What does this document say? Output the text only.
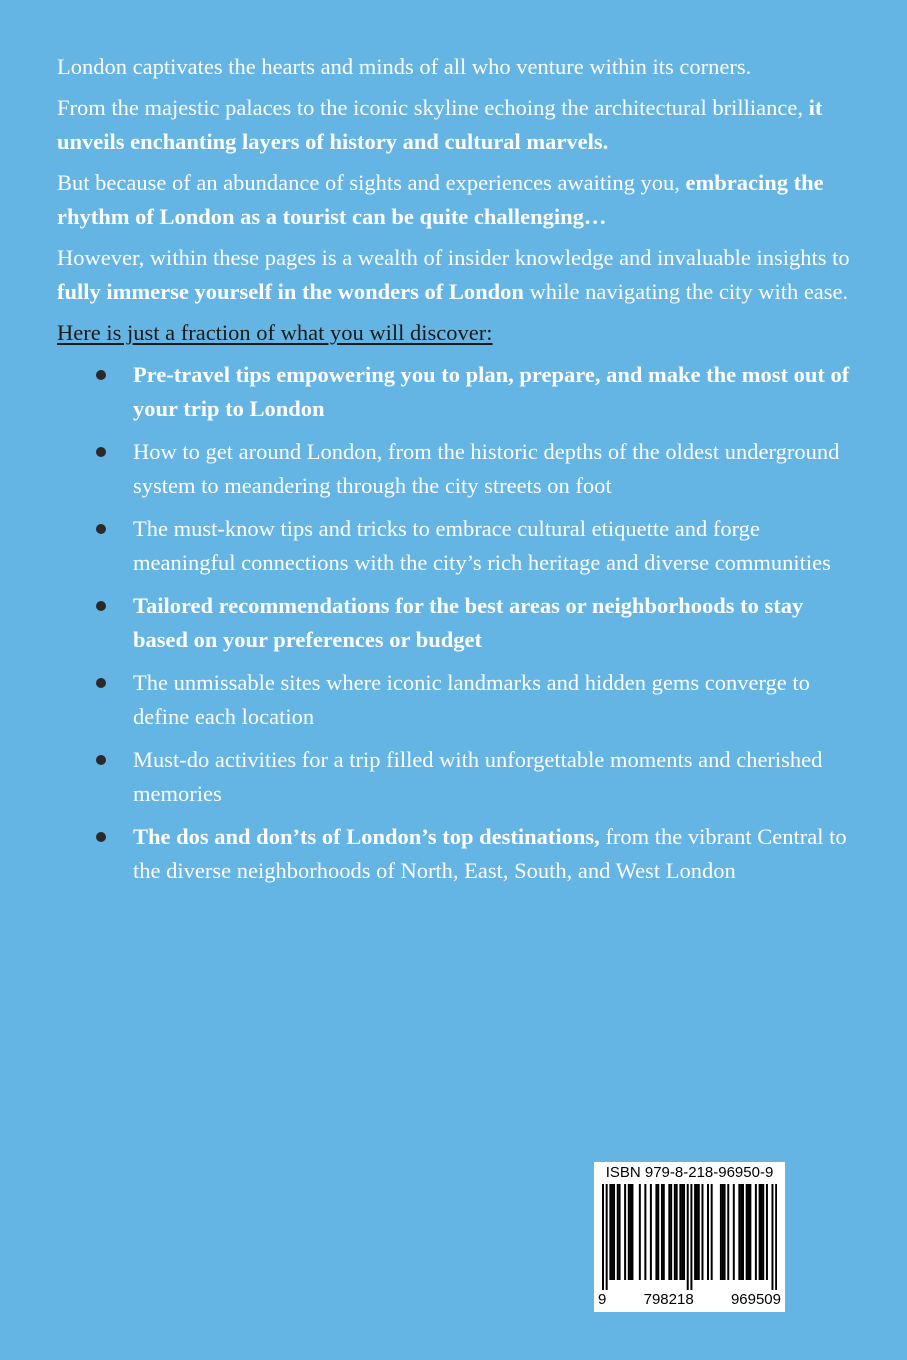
London captivates the hearts and minds of all who venture within its corners.

From the majestic palaces to the iconic skyline echoing the architectural brilliance, it unveils enchanting layers of history and cultural marvels.

But because of an abundance of sights and experiences awaiting you, embracing the rhythm of London as a tourist can be quite challenging…

However, within these pages is a wealth of insider knowledge and invaluable insights to fully immerse yourself in the wonders of London while navigating the city with ease.

Here is just a fraction of what you will discover:
Pre-travel tips empowering you to plan, prepare, and make the most out of your trip to London
How to get around London, from the historic depths of the oldest underground system to meandering through the city streets on foot
The must-know tips and tricks to embrace cultural etiquette and forge meaningful connections with the city’s rich heritage and diverse communities
Tailored recommendations for the best areas or neighborhoods to stay based on your preferences or budget
The unmissable sites where iconic landmarks and hidden gems converge to define each location
Must-do activities for a trip filled with unforgettable moments and cherished memories
The dos and don’ts of London’s top destinations, from the vibrant Central to the diverse neighborhoods of North, East, South, and West London
ISBN 979-8-218-96950-9
9 798218 969509
